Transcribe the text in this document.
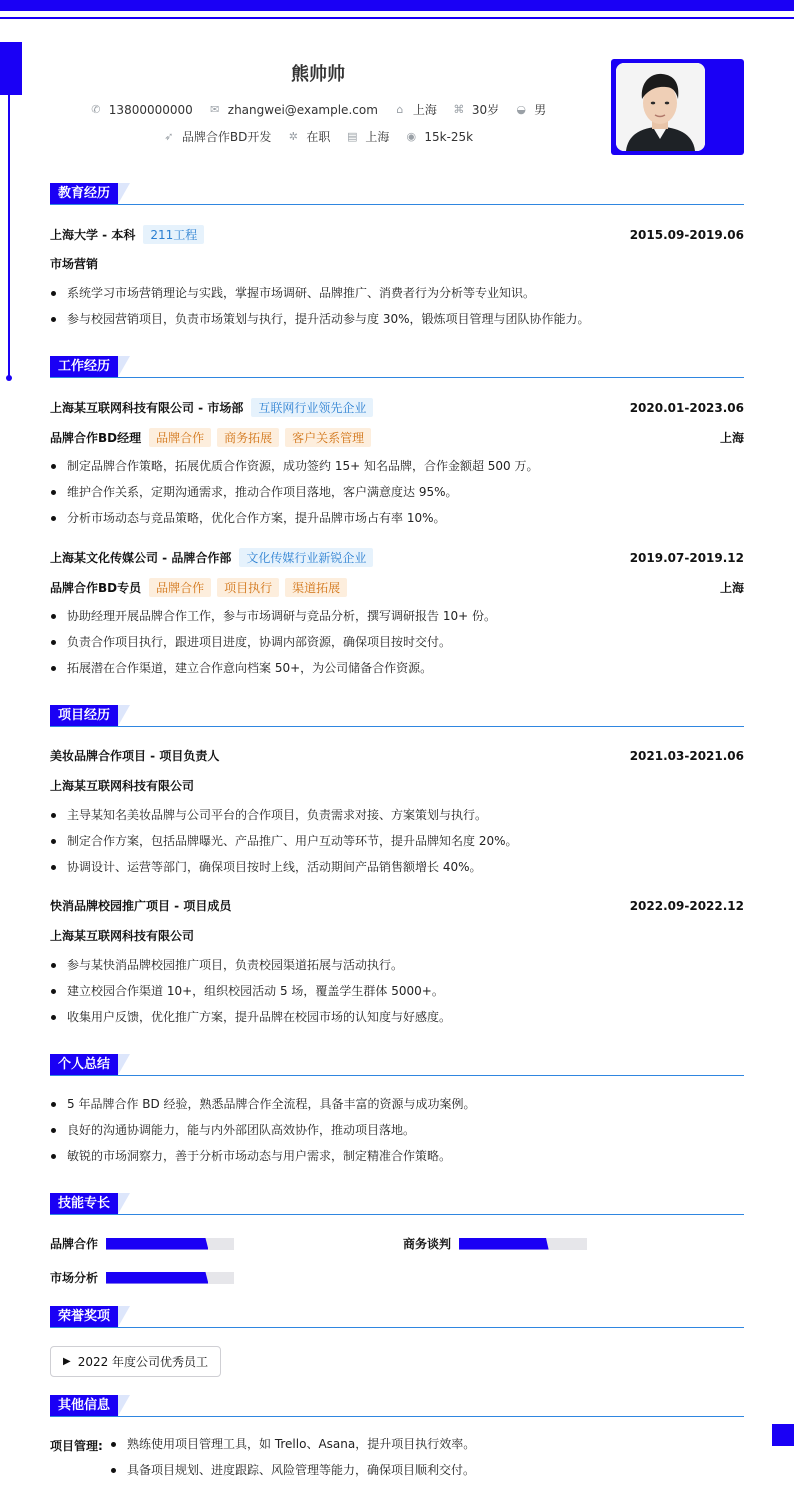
熊帅帅
✆ 13800000000 ✉ zhangwei@example.com ⌂ 上海 ⌘ 30岁 ◒ 男
➶ 品牌合作BD开发 ✲ 在职 ▤ 上海 ◉ 15k-25k
教育经历
上海大学 - 本科	211工程	2015.09-2019.06
市场营销
系统学习市场营销理论与实践，掌握市场调研、品牌推广、消费者行为分析等专业知识。
参与校园营销项目，负责市场策划与执行，提升活动参与度 30%，锻炼项目管理与团队协作能力。
工作经历
上海某互联网科技有限公司 - 市场部	互联网行业领先企业	2020.01-2023.06
品牌合作BD经理	品牌合作	商务拓展	客户关系管理	上海
制定品牌合作策略，拓展优质合作资源，成功签约 15+ 知名品牌，合作金额超 500 万。
维护合作关系，定期沟通需求，推动合作项目落地，客户满意度达 95%。
分析市场动态与竞品策略，优化合作方案，提升品牌市场占有率 10%。
上海某文化传媒公司 - 品牌合作部	文化传媒行业新锐企业	2019.07-2019.12
品牌合作BD专员	品牌合作	项目执行	渠道拓展	上海
协助经理开展品牌合作工作，参与市场调研与竞品分析，撰写调研报告 10+ 份。
负责合作项目执行，跟进项目进度，协调内部资源，确保项目按时交付。
拓展潜在合作渠道，建立合作意向档案 50+，为公司储备合作资源。
项目经历
美妆品牌合作项目 - 项目负责人	2021.03-2021.06
上海某互联网科技有限公司
主导某知名美妆品牌与公司平台的合作项目，负责需求对接、方案策划与执行。
制定合作方案，包括品牌曝光、产品推广、用户互动等环节，提升品牌知名度 20%。
协调设计、运营等部门，确保项目按时上线，活动期间产品销售额增长 40%。
快消品牌校园推广项目 - 项目成员	2022.09-2022.12
上海某互联网科技有限公司
参与某快消品牌校园推广项目，负责校园渠道拓展与活动执行。
建立校园合作渠道 10+，组织校园活动 5 场，覆盖学生群体 5000+。
收集用户反馈，优化推广方案，提升品牌在校园市场的认知度与好感度。
个人总结
5 年品牌合作 BD 经验，熟悉品牌合作全流程，具备丰富的资源与成功案例。
良好的沟通协调能力，能与内外部团队高效协作，推动项目落地。
敏锐的市场洞察力，善于分析市场动态与用户需求，制定精准合作策略。
技能专长
品牌合作	商务谈判
市场分析
荣誉奖项
▶ 2022 年度公司优秀员工
其他信息
项目管理:	熟练使用项目管理工具，如 Trello、Asana，提升项目执行效率。
具备项目规划、进度跟踪、风险管理等能力，确保项目顺利交付。
